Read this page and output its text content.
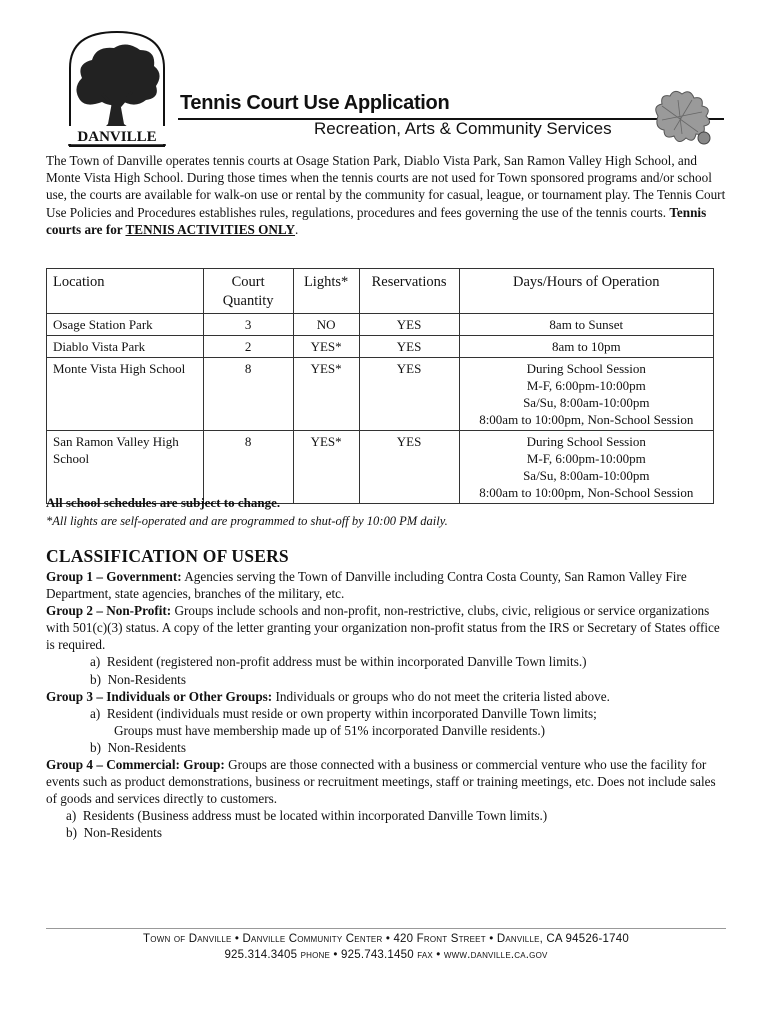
DANVILLE
Tennis Court Use Application
Recreation, Arts & Community Services
The Town of Danville operates tennis courts at Osage Station Park, Diablo Vista Park, San Ramon Valley High School, and Monte Vista High School. During those times when the tennis courts are not used for Town sponsored programs and/or school use, the courts are available for walk-on use or rental by the community for casual, league, or tournament play. The Tennis Court Use Policies and Procedures establishes rules, regulations, procedures and fees governing the use of the tennis courts. Tennis courts are for TENNIS ACTIVITIES ONLY.
Location	Court Quantity	Lights*	Reservations	Days/Hours of Operation
Osage Station Park	3	NO	YES	8am to Sunset

Diablo Vista Park	2	YES*	YES	8am to 10pm

Monte Vista High School	8	YES*	YES	During School Session
M-F, 6:00pm-10:00pm
Sa/Su, 8:00am-10:00pm
8:00am to 10:00pm, Non-School Session

San Ramon Valley High School	8	YES*	YES	During School Session
M-F, 6:00pm-10:00pm
Sa/Su, 8:00am-10:00pm
8:00am to 10:00pm, Non-School Session
All school schedules are subject to change.
*All lights are self-operated and are programmed to shut-off by 10:00 PM daily.
CLASSIFICATION OF USERS

Group 1 – Government: Agencies serving the Town of Danville including Contra Costa County, San Ramon Valley Fire Department, state agencies, branches of the military, etc.

Group 2 – Non-Profit: Groups include schools and non-profit, non-restrictive, clubs, civic, religious or service organizations with 501(c)(3) status. A copy of the letter granting your organization non-profit status from the IRS or Secretary of States office is required.

a)  Resident (registered non-profit address must be within incorporated Danville Town limits.)

b)  Non-Residents

Group 3 – Individuals or Other Groups: Individuals or groups who do not meet the criteria listed above.

a)  Resident (individuals must reside or own property within incorporated Danville Town limits;

Groups must have membership made up of 51% incorporated Danville residents.)

b)  Non-Residents

Group 4 – Commercial: Group: Groups are those connected with a business or commercial venture who use the facility for events such as product demonstrations, business or recruitment meetings, staff or training meetings, etc. Does not include sales of goods and services directly to customers.

a)  Residents (Business address must be located within incorporated Danville Town limits.)

b)  Non-Residents

Town of Danville • Danville Community Center • 420 Front Street • Danville, CA 94526-1740
925.314.3405 phone • 925.743.1450 fax • www.danville.ca.gov
